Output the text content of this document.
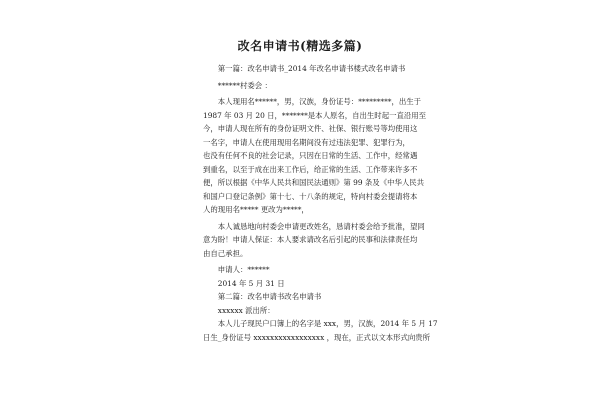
改名申请书(精选多篇)
　　第一篇：改名申请书_2014 年改名申请书楼式改名申请书
　　******村委会 ：
　　本人现用名******，男，汉族，身份证号：*********，出生于
1987 年 03 月 20 日，*******是本人原名，自出生时起一直沿用至
今，申请人现在所有的身份证明文件、社保、银行账号等均使用这
一名字，申请人在使用现用名期间没有过违法犯罪、犯罪行为，
也没有任何不良的社会记录，只因在日常的生活、工作中，经常遇
到重名，以至于成在出来工作后，给正常的生活、工作带来许多不
便，所以根据《中华人民共和国民法通则》第 99 条及《中华人民共
和国户口登记条例》第十七、十八条的规定，特向村委会提请将本
人的现用名***** 更改为*****，
　　本人诚恳地向村委会申请更改姓名，恳请村委会给予批准，望同
意为盼！申请人保证：本人要求请改名后引起的民事和法律责任均
由自己承担。
　　申请人：******
　　2014 年 5 月 31 日
　　第二篇：改名申请书改名申请书
　　xxxxxx 派出所：
　　本人儿子现民户口簿上的名字是 xxx，男，汉族，2014 年 5 月 17
日生_身份证号 xxxxxxxxxxxxxxxxx ，现在，正式以文本形式向贵所
